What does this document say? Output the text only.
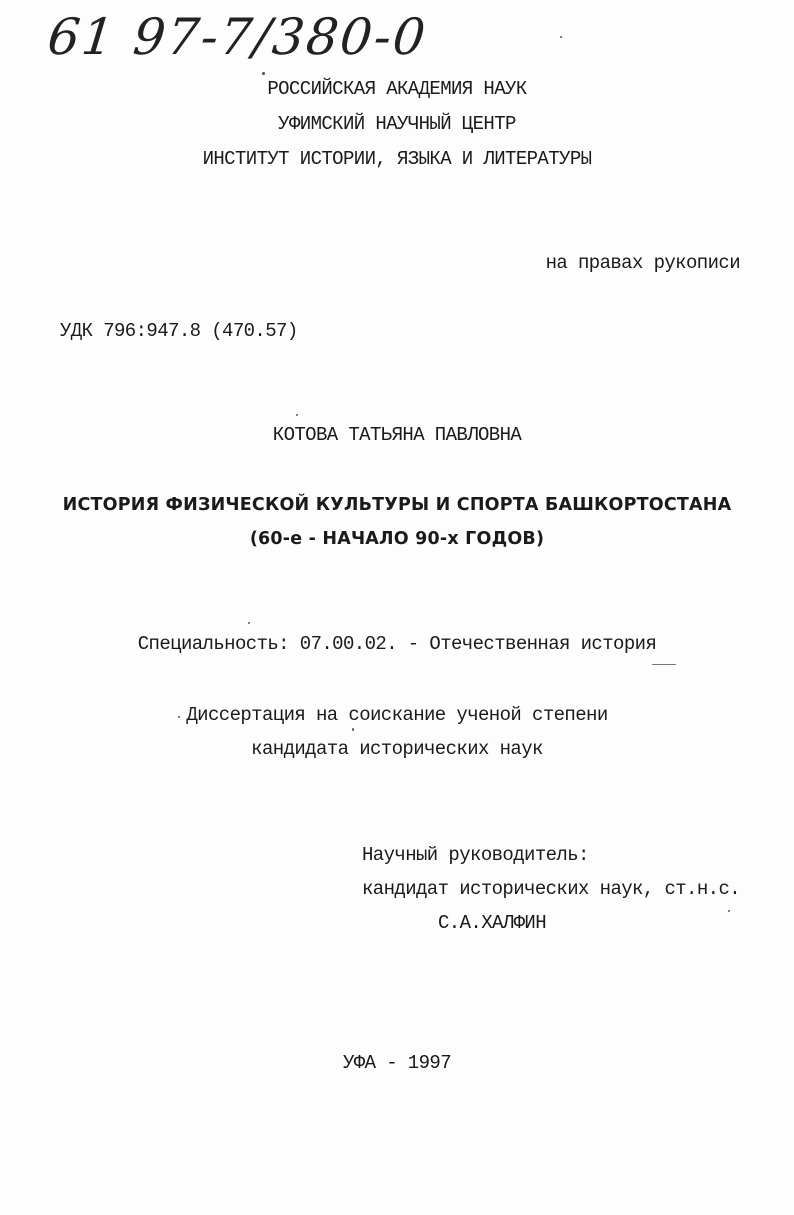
61 97-7/380-0
РОССИЙСКАЯ АКАДЕМИЯ НАУК
УФИМСКИЙ НАУЧНЫЙ ЦЕНТР
ИНСТИТУТ ИСТОРИИ, ЯЗЫКА И ЛИТЕРАТУРЫ
на правах рукописи
УДК 796:947.8 (470.57)
КОТОВА ТАТЬЯНА ПАВЛОВНА
ИСТОРИЯ ФИЗИЧЕСКОЙ КУЛЬТУРЫ И СПОРТА БАШКОРТОСТАНА
(60-е - НАЧАЛО 90-х ГОДОВ)
Специальность: 07.00.02. - Отечественная история
Диссертация на соискание ученой степени
кандидата исторических наук
Научный руководитель:
кандидат исторических наук, ст.н.с.
С.А.ХАЛФИН
УФА - 1997
